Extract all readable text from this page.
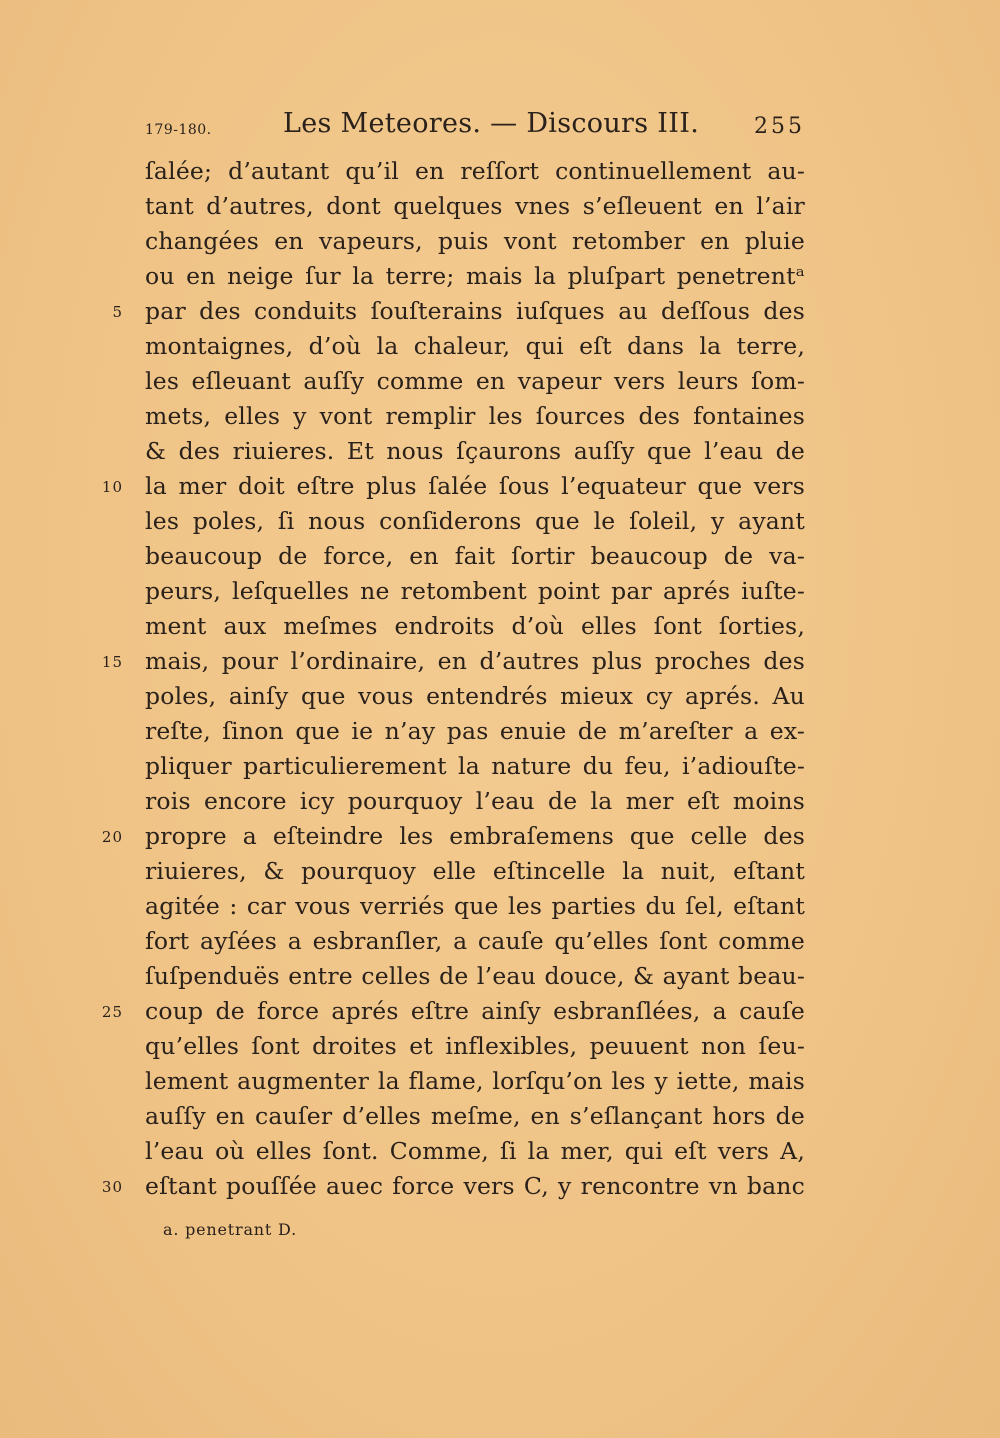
179-180.	Les Meteores. — Discours III. 255
ſalée; d’autant qu’il en reſſort continuellement au-
tant d’autres, dont quelques vnes s’eſleuent en l’air
changées en vapeurs, puis vont retomber en pluie
ou en neige ſur la terre; mais la pluſpart penetrentᵃ
par des conduits ſouſterains iuſques au deſſous des
5
montaignes, d’où la chaleur, qui eſt dans la terre,
les eſleuant auſſy comme en vapeur vers leurs ſom-
mets, elles y vont remplir les ſources des fontaines
& des riuieres. Et nous ſçaurons auſſy que l’eau de
la mer doit eſtre plus ſalée ſous l’equateur que vers
10
les poles, ſi nous conſiderons que le ſoleil, y ayant
beaucoup de force, en fait ſortir beaucoup de va-
peurs, leſquelles ne retombent point par aprés iuſte-
ment aux meſmes endroits d’où elles ſont ſorties,
mais, pour l’ordinaire, en d’autres plus proches des
15
poles, ainſy que vous entendrés mieux cy aprés. Au
reſte, ſinon que ie n’ay pas enuie de m’areſter a ex-
pliquer particulierement la nature du feu, i’adiouſte-
rois encore icy pourquoy l’eau de la mer eſt moins
propre a eſteindre les embraſemens que celle des
20
riuieres, & pourquoy elle eſtincelle la nuit, eſtant
agitée : car vous verriés que les parties du ſel, eſtant
fort ayſées a esbranſler, a cauſe qu’elles ſont comme
ſuſpenduës entre celles de l’eau douce, & ayant beau-
coup de force aprés eſtre ainſy esbranſlées, a cauſe
25
qu’elles ſont droites et inflexibles, peuuent non ſeu-
lement augmenter la flame, lorſqu’on les y iette, mais
auſſy en cauſer d’elles meſme, en s’eſlançant hors de
l’eau où elles ſont. Comme, ſi la mer, qui eſt vers A,
eſtant pouſſée auec force vers C, y rencontre vn banc
30
a. penetrant D.
